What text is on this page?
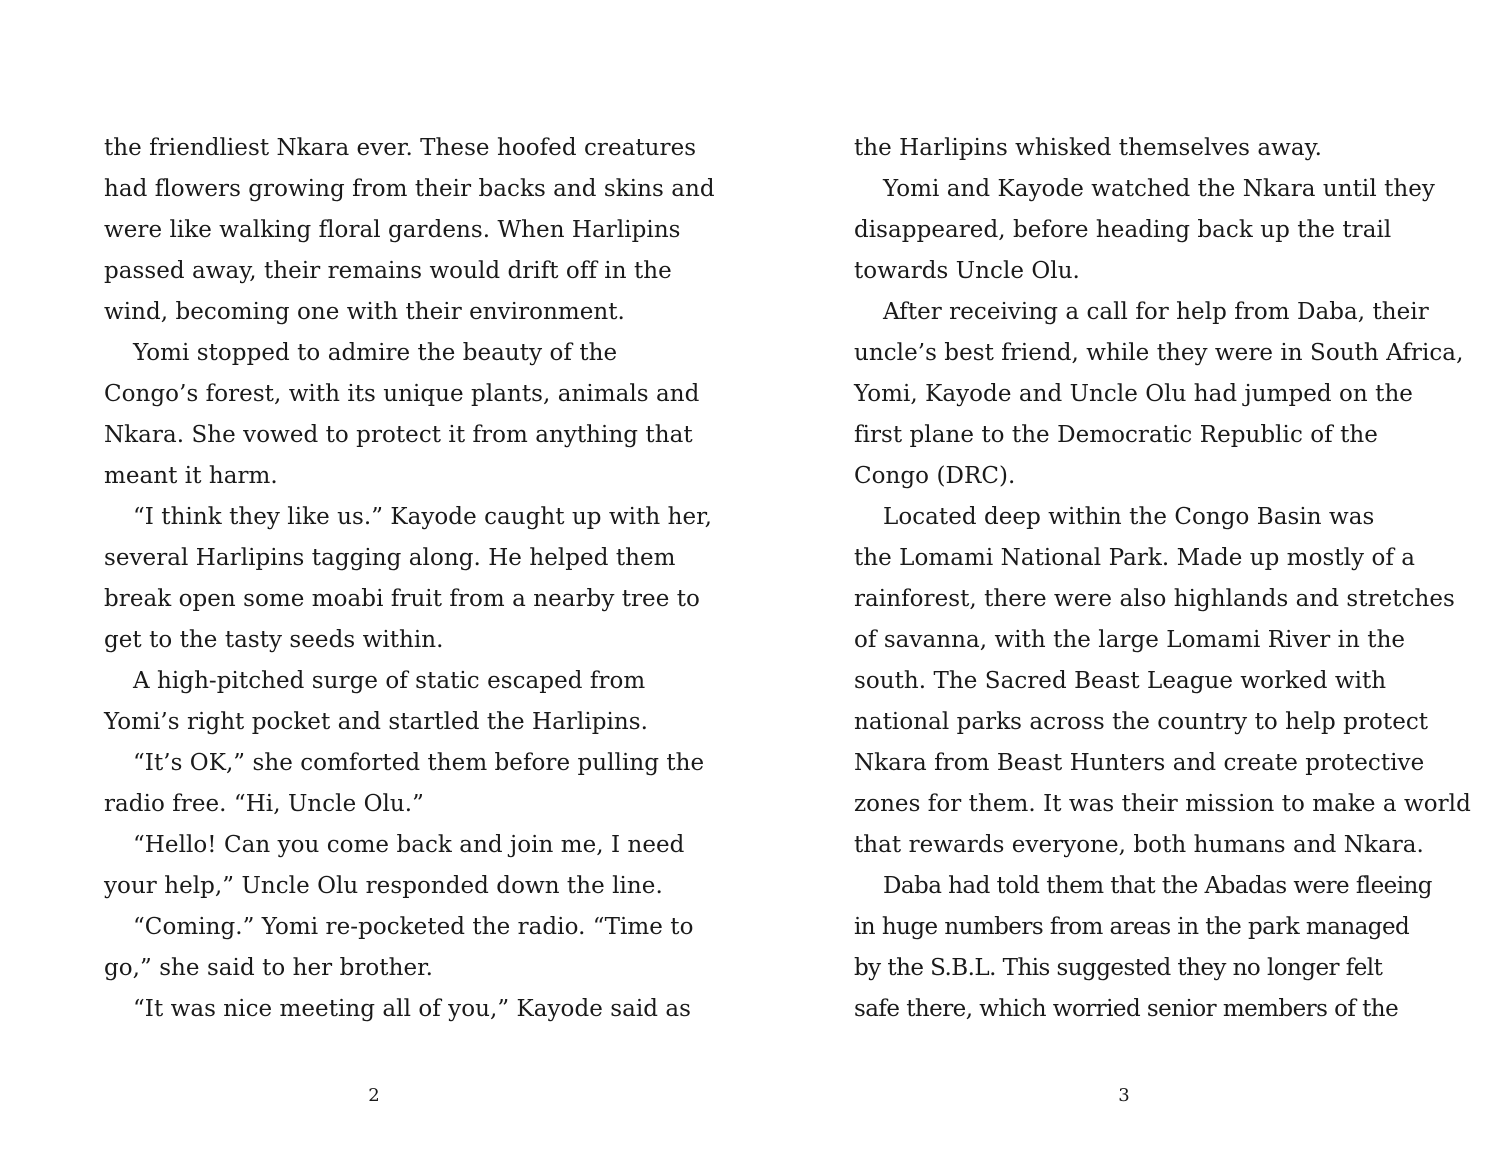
the friendliest Nkara ever. These hoofed creatures
had flowers growing from their backs and skins and
were like walking floral gardens. When Harlipins
passed away, their remains would drift off in the
wind, becoming one with their environment.
Yomi stopped to admire the beauty of the
Congo’s forest, with its unique plants, animals and
Nkara. She vowed to protect it from anything that
meant it harm.
“I think they like us.” Kayode caught up with her,
several Harlipins tagging along. He helped them
break open some moabi fruit from a nearby tree to
get to the tasty seeds within.
A high-pitched surge of static escaped from
Yomi’s right pocket and startled the Harlipins.
“It’s OK,” she comforted them before pulling the
radio free. “Hi, Uncle Olu.”
“Hello! Can you come back and join me, I need
your help,” Uncle Olu responded down the line.
“Coming.” Yomi re-pocketed the radio. “Time to
go,” she said to her brother.
“It was nice meeting all of you,” Kayode said as
2
the Harlipins whisked themselves away.
Yomi and Kayode watched the Nkara until they
disappeared, before heading back up the trail
towards Uncle Olu.
After receiving a call for help from Daba, their
uncle’s best friend, while they were in South Africa,
Yomi, Kayode and Uncle Olu had jumped on the
first plane to the Democratic Republic of the
Congo (DRC).
Located deep within the Congo Basin was
the Lomami National Park. Made up mostly of a
rainforest, there were also highlands and stretches
of savanna, with the large Lomami River in the
south. The Sacred Beast League worked with
national parks across the country to help protect
Nkara from Beast Hunters and create protective
zones for them. It was their mission to make a world
that rewards everyone, both humans and Nkara.
Daba had told them that the Abadas were fleeing
in huge numbers from areas in the park managed
by the S.B.L. This suggested they no longer felt
safe there, which worried senior members of the
3
